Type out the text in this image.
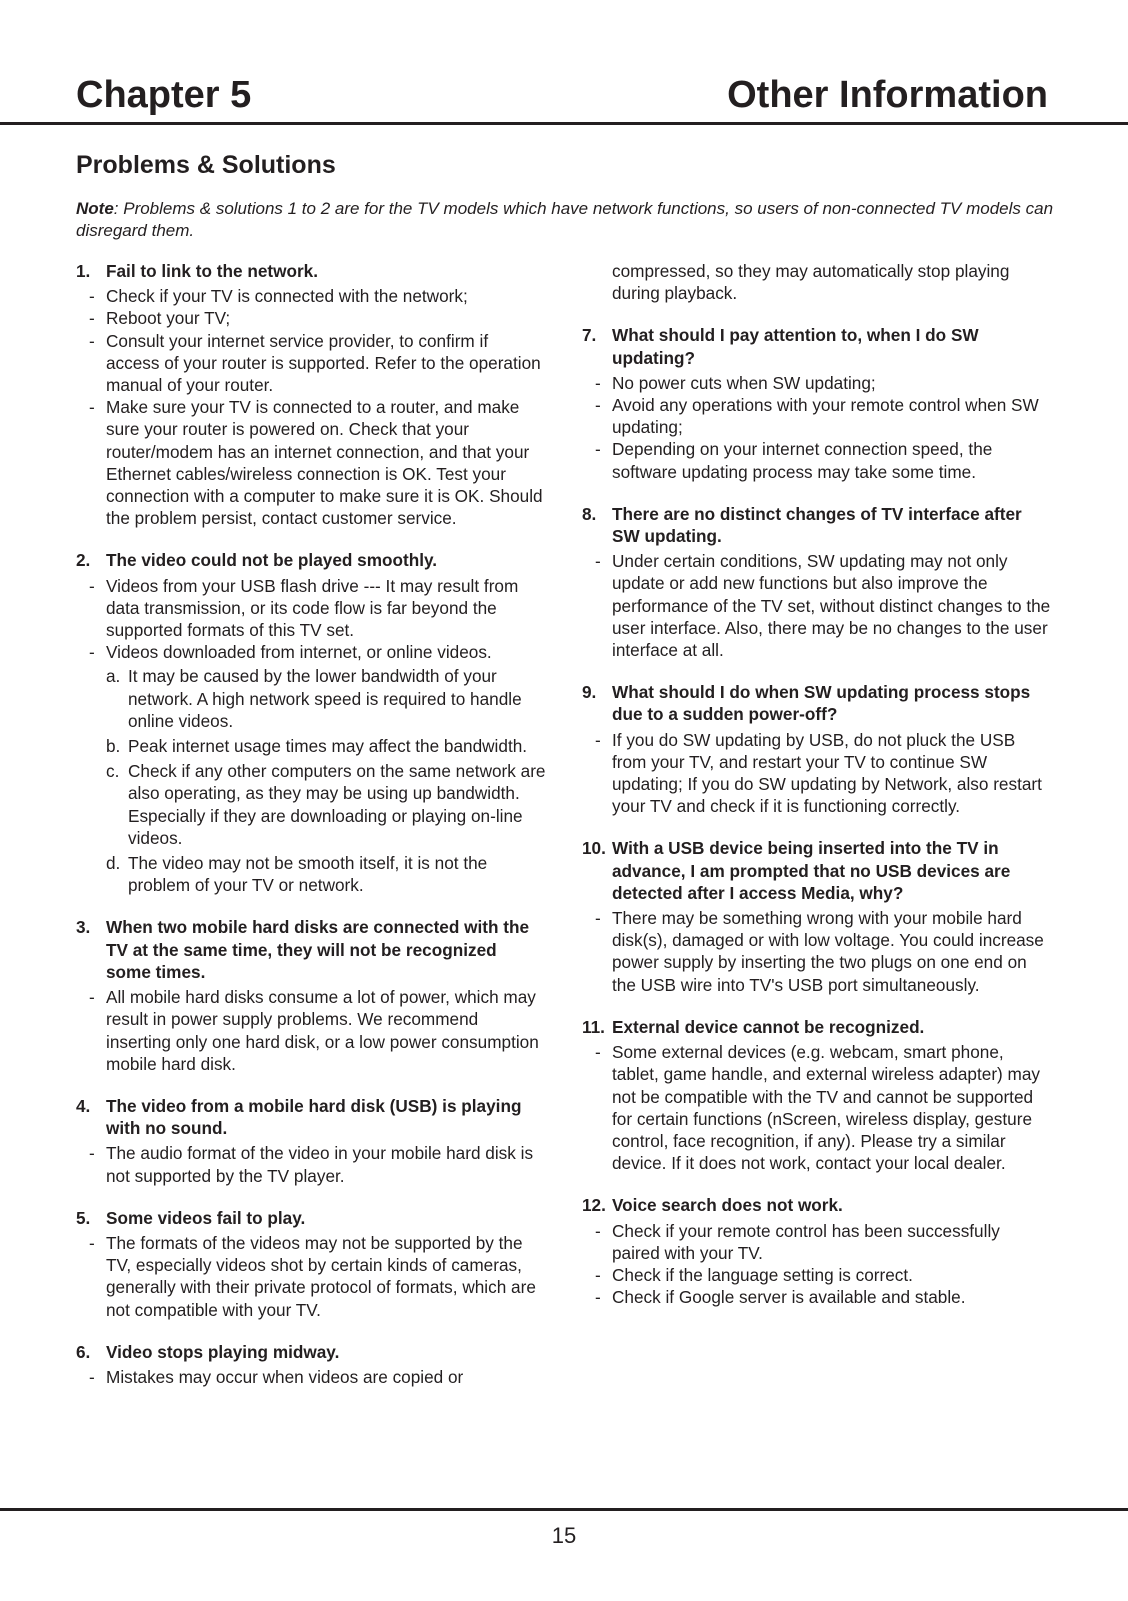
Chapter 5	Other Information
Problems & Solutions

Note: Problems & solutions 1 to 2 are for the TV models which have network functions, so users of non-connected TV models can disregard them.

1. Fail to link to the network.

- Check if your TV is connected with the network;

- Reboot your TV;

- Consult your internet service provider, to confirm if access of your router is supported. Refer to the operation manual of your router.

- Make sure your TV is connected to a router, and make sure your router is powered on. Check that your router/modem has an internet connection, and that your Ethernet cables/wireless connection is OK. Test your connection with a computer to make sure it is OK. Should the problem persist, contact customer service.

2. The video could not be played smoothly.

- Videos from your USB flash drive --- It may result from data transmission, or its code flow is far beyond the supported formats of this TV set.

- Videos downloaded from internet, or online videos.

a. It may be caused by the lower bandwidth of your network. A high network speed is required to handle online videos.

b. Peak internet usage times may affect the bandwidth.

c. Check if any other computers on the same network are also operating, as they may be using up bandwidth. Especially if they are downloading or playing on-line videos.

d. The video may not be smooth itself, it is not the problem of your TV or network.

3. When two mobile hard disks are connected with the TV at the same time, they will not be recognized some times.

- All mobile hard disks consume a lot of power, which may result in power supply problems. We recommend inserting only one hard disk, or a low power consumption mobile hard disk.

4. The video from a mobile hard disk (USB) is playing with no sound.

- The audio format of the video in your mobile hard disk is not supported by the TV player.

5. Some videos fail to play.

- The formats of the videos may not be supported by the TV, especially videos shot by certain kinds of cameras, generally with their private protocol of formats, which are not compatible with your TV.

6. Video stops playing midway.

- Mistakes may occur when videos are copied or

compressed, so they may automatically stop playing during playback.

7. What should I pay attention to, when I do SW updating?

- No power cuts when SW updating;

- Avoid any operations with your remote control when SW updating;

- Depending on your internet connection speed, the software updating process may take some time.

8. There are no distinct changes of TV interface after SW updating.

- Under certain conditions, SW updating may not only update or add new functions but also improve the performance of the TV set, without distinct changes to the user interface. Also, there may be no changes to the user interface at all.

9. What should I do when SW updating process stops due to a sudden power-off?

- If you do SW updating by USB, do not pluck the USB from your TV, and restart your TV to continue SW updating; If you do SW updating by Network, also restart your TV and check if it is functioning correctly.

10. With a USB device being inserted into the TV in advance, I am prompted that no USB devices are detected after I access Media, why?

- There may be something wrong with your mobile hard disk(s), damaged or with low voltage. You could increase power supply by inserting the two plugs on one end on the USB wire into TV's USB port simultaneously.

11. External device cannot be recognized.

- Some external devices (e.g. webcam, smart phone, tablet, game handle, and external wireless adapter) may not be compatible with the TV and cannot be supported for certain functions (nScreen, wireless display, gesture control, face recognition, if any). Please try a similar device. If it does not work, contact your local dealer.

12. Voice search does not work.

- Check if your remote control has been successfully paired with your TV.

- Check if the language setting is correct.

- Check if Google server is available and stable.

15
